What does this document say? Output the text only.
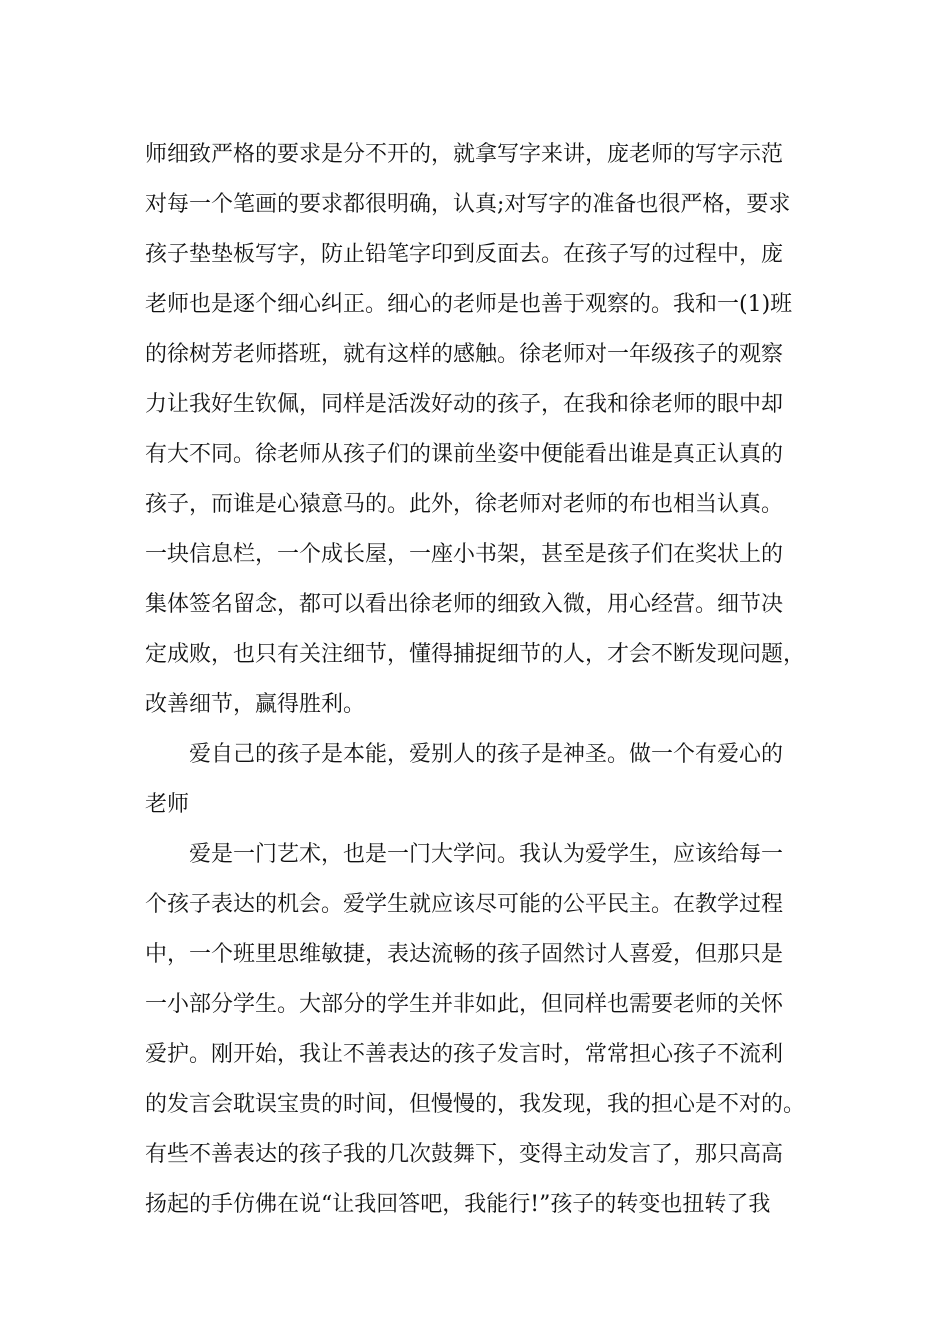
师细致严格的要求是分不开的，就拿写字来讲，庞老师的写字示范
对每一个笔画的要求都很明确，认真;对写字的准备也很严格，要求
孩子垫垫板写字，防止铅笔字印到反面去。在孩子写的过程中，庞
老师也是逐个细心纠正。细心的老师是也善于观察的。我和一(1)班
的徐树芳老师搭班，就有这样的感触。徐老师对一年级孩子的观察
力让我好生钦佩，同样是活泼好动的孩子，在我和徐老师的眼中却
有大不同。徐老师从孩子们的课前坐姿中便能看出谁是真正认真的
孩子，而谁是心猿意马的。此外，徐老师对老师的布也相当认真。
一块信息栏，一个成长屋，一座小书架，甚至是孩子们在奖状上的
集体签名留念，都可以看出徐老师的细致入微，用心经营。细节决
定成败，也只有关注细节，懂得捕捉细节的人，才会不断发现问题，
改善细节，赢得胜利。
爱自己的孩子是本能，爱别人的孩子是神圣。做一个有爱心的
老师
爱是一门艺术，也是一门大学问。我认为爱学生，应该给每一
个孩子表达的机会。爱学生就应该尽可能的公平民主。在教学过程
中，一个班里思维敏捷，表达流畅的孩子固然讨人喜爱，但那只是
一小部分学生。大部分的学生并非如此，但同样也需要老师的关怀
爱护。刚开始，我让不善表达的孩子发言时，常常担心孩子不流利
的发言会耽误宝贵的时间，但慢慢的，我发现，我的担心是不对的。
有些不善表达的孩子我的几次鼓舞下，变得主动发言了，那只高高
扬起的手仿佛在说“让我回答吧，我能行!”孩子的转变也扭转了我
